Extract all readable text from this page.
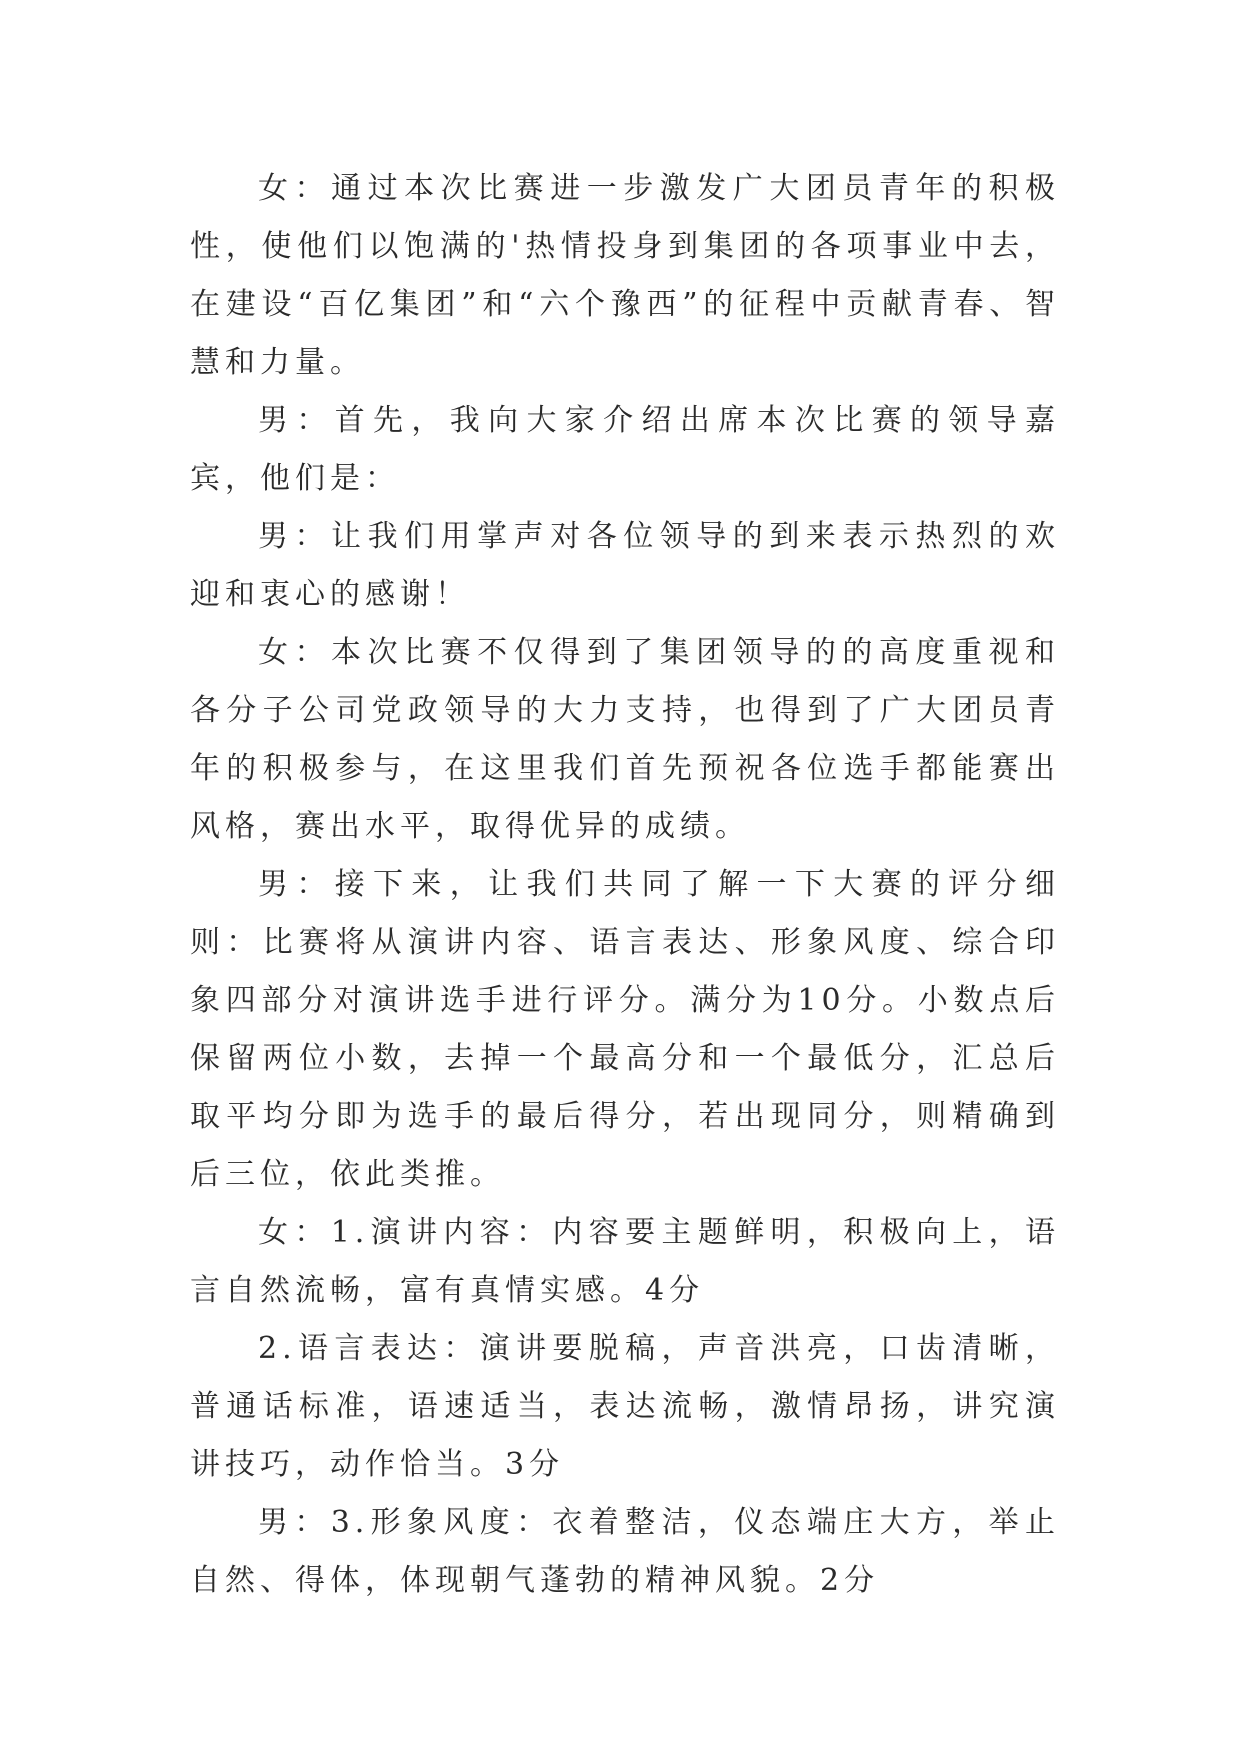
女：通过本次比赛进一步激发广大团员青年的积极性，使他们以饱满的'热情投身到集团的各项事业中去，在建设“百亿集团”和“六个豫西”的征程中贡献青春、智慧和力量。

男：首先，我向大家介绍出席本次比赛的领导嘉宾，他们是：

男：让我们用掌声对各位领导的到来表示热烈的欢迎和衷心的感谢！

女：本次比赛不仅得到了集团领导的的高度重视和各分子公司党政领导的大力支持，也得到了广大团员青年的积极参与，在这里我们首先预祝各位选手都能赛出风格，赛出水平，取得优异的成绩。

男：接下来，让我们共同了解一下大赛的评分细则：比赛将从演讲内容、语言表达、形象风度、综合印象四部分对演讲选手进行评分。满分为10分。小数点后保留两位小数，去掉一个最高分和一个最低分，汇总后取平均分即为选手的最后得分，若出现同分，则精确到后三位，依此类推。

女：1.演讲内容：内容要主题鲜明，积极向上，语言自然流畅，富有真情实感。4分

2.语言表达：演讲要脱稿，声音洪亮，口齿清晰，普通话标准，语速适当，表达流畅，激情昂扬，讲究演讲技巧，动作恰当。3分

男：3.形象风度：衣着整洁，仪态端庄大方，举止自然、得体，体现朝气蓬勃的精神风貌。2分
